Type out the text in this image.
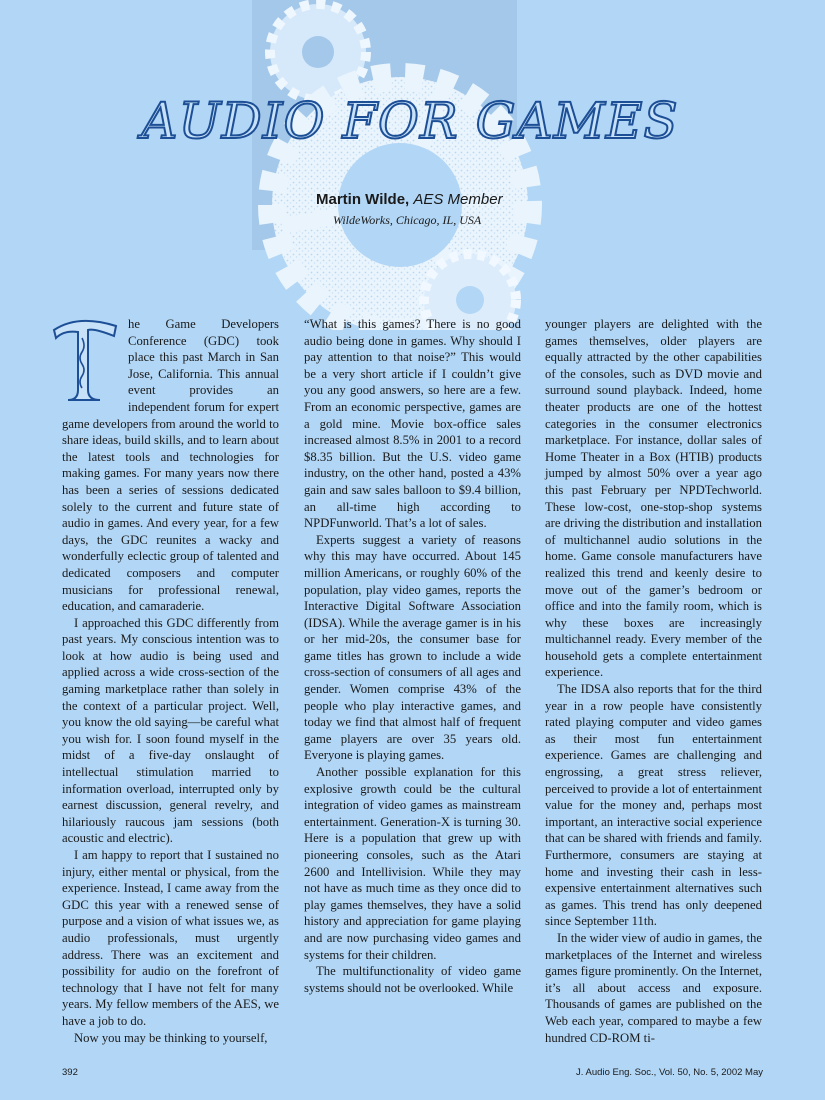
AUDIO FOR GAMES
Martin Wilde, AES Member
WildeWorks, Chicago, IL, USA

he Game Developers Conference (GDC) took place this past March in San Jose, California. This annual event provides an independent forum for expert game developers from around the world to share ideas, build skills, and to learn about the latest tools and technologies for making games. For many years now there has been a series of sessions dedicated solely to the current and future state of audio in games. And every year, for a few days, the GDC reunites a wacky and wonderfully eclectic group of talented and dedicated composers and computer musicians for professional renewal, education, and camaraderie.

I approached this GDC differently from past years. My conscious intention was to look at how audio is being used and applied across a wide cross-section of the gaming marketplace rather than solely in the context of a particular project. Well, you know the old saying—be careful what you wish for. I soon found myself in the midst of a five-day onslaught of intellectual stimulation married to information overload, interrupted only by earnest discussion, general revelry, and hilariously raucous jam sessions (both acoustic and electric).

I am happy to report that I sustained no injury, either mental or physical, from the experience. Instead, I came away from the GDC this year with a renewed sense of purpose and a vision of what issues we, as audio professionals, must urgently address. There was an excitement and possibility for audio on the forefront of technology that I have not felt for many years. My fellow members of the AES, we have a job to do.

Now you may be thinking to yourself,

“What is this games? There is no good audio being done in games. Why should I pay attention to that noise?” This would be a very short article if I couldn’t give you any good answers, so here are a few. From an economic perspective, games are a gold mine. Movie box-office sales increased almost 8.5% in 2001 to a record $8.35 billion. But the U.S. video game industry, on the other hand, posted a 43% gain and saw sales balloon to $9.4 billion, an all-time high according to NPDFunworld. That’s a lot of sales.

Experts suggest a variety of reasons why this may have occurred. About 145 million Americans, or roughly 60% of the population, play video games, reports the Interactive Digital Software Association (IDSA). While the average gamer is in his or her mid-20s, the consumer base for game titles has grown to include a wide cross-section of consumers of all ages and gender. Women comprise 43% of the people who play interactive games, and today we find that almost half of frequent game players are over 35 years old. Everyone is playing games.

Another possible explanation for this explosive growth could be the cultural integration of video games as mainstream entertainment. Generation-X is turning 30. Here is a population that grew up with pioneering consoles, such as the Atari 2600 and Intellivision. While they may not have as much time as they once did to play games themselves, they have a solid history and appreciation for game playing and are now purchasing video games and systems for their children.

The multifunctionality of video game systems should not be overlooked. While

younger players are delighted with the games themselves, older players are equally attracted by the other capabilities of the consoles, such as DVD movie and surround sound playback. Indeed, home theater products are one of the hottest categories in the consumer electronics marketplace. For instance, dollar sales of Home Theater in a Box (HTIB) products jumped by almost 50% over a year ago this past February per NPDTechworld. These low-cost, one-stop-shop systems are driving the distribution and installation of multichannel audio solutions in the home. Game console manufacturers have realized this trend and keenly desire to move out of the gamer’s bedroom or office and into the family room, which is why these boxes are increasingly multichannel ready. Every member of the household gets a complete entertainment experience.

The IDSA also reports that for the third year in a row people have consistently rated playing computer and video games as their most fun entertainment experience. Games are challenging and engrossing, a great stress reliever, perceived to provide a lot of entertainment value for the money and, perhaps most important, an interactive social experience that can be shared with friends and family. Furthermore, consumers are staying at home and investing their cash in less-expensive entertainment alternatives such as games. This trend has only deepened since September 11th.

In the wider view of audio in games, the marketplaces of the Internet and wireless games figure prominently. On the Internet, it’s all about access and exposure. Thousands of games are published on the Web each year, compared to maybe a few hundred CD-ROM ti-

392	J. Audio Eng. Soc., Vol. 50, No. 5, 2002 May
